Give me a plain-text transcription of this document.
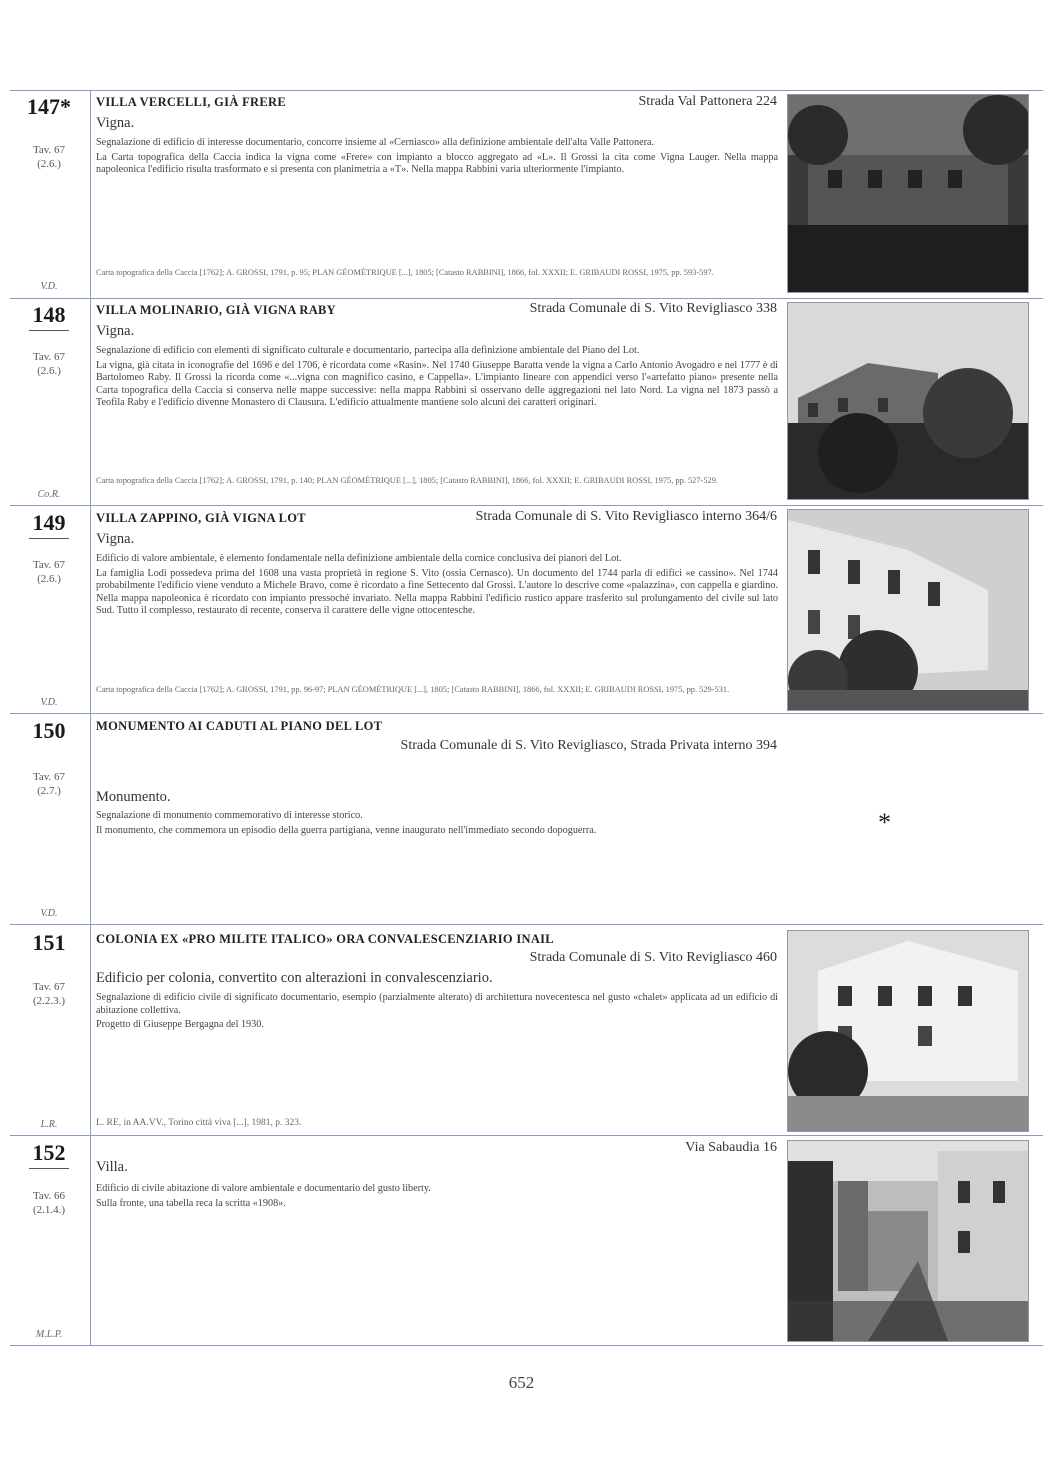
147*
Tav. 67
(2.6.)
V.D.
VILLA VERCELLI, GIÀ FRERE	Strada Val Pattonera 224
Vigna.

Segnalazione di edificio di interesse documentario, concorre insieme al «Cerniasco» alla definizione ambientale dell'alta Valle Pattonera.

La Carta topografica della Caccia indica la vigna come «Frere» con impianto a blocco aggregato ad «L». Il Grossi la cita come Vigna Lauger. Nella mappa napoleonica l'edificio risulta trasformato e si presenta con planimetria a «T». Nella mappa Rabbini varia ulteriormente l'impianto.

Carta topografica della Caccia [1762]; A. GROSSI, 1791, p. 95; PLAN GÉOMÉTRIQUE [...], 1805; [Catasto RABBINI], 1866, fol. XXXII; E. GRIBAUDI ROSSI, 1975, pp. 593-597.
148
Tav. 67
(2.6.)
Co.R.
VILLA MOLINARIO, GIÀ VIGNA RABY	Strada Comunale di S. Vito Revigliasco 338
Vigna.

Segnalazione di edificio con elementi di significato culturale e documentario, partecipa alla definizione ambientale del Piano del Lot.

La vigna, già citata in iconografie del 1696 e del 1706, è ricordata come «Rasin». Nel 1740 Giuseppe Baratta vende la vigna a Carlo Antonio Avogadro e nel 1777 è di Bartolomeo Raby. Il Grossi la ricorda come «...vigna con magnifico casino, e Cappella». L'impianto lineare con appendici verso l'«artefatto piano» presente nella Carta topografica della Caccia si conserva nelle mappe successive: nella mappa Rabbini si osservano delle aggregazioni nel lato Nord. La vigna nel 1873 passò a Teofila Raby e l'edificio divenne Monastero di Clausura. L'edificio attualmente mantiene solo alcuni dei caratteri originari.

Carta topografica della Caccia [1762]; A. GROSSI, 1791, p. 140; PLAN GÉOMÉTRIQUE [...], 1805; [Catasto RABBINI], 1866, fol. XXXII; E. GRIBAUDI ROSSI, 1975, pp. 527-529.
149
Tav. 67
(2.6.)
V.D.
VILLA ZAPPINO, GIÀ VIGNA LOT	Strada Comunale di S. Vito Revigliasco interno 364/6
Vigna.

Edificio di valore ambientale, è elemento fondamentale nella definizione ambientale della cornice conclusiva dei pianori del Lot.

La famiglia Lodi possedeva prima del 1608 una vasta proprietà in regione S. Vito (ossia Cernasco). Un documento del 1744 parla di edifici «e cassino». Nel 1744 probabilmente l'edificio viene venduto a Michele Bravo, come è ricordato a fine Settecento dal Grossi. L'autore lo descrive come «palazzina», con cappella e giardino. Nella mappa napoleonica è ricordato con impianto pressoché invariato. Nella mappa Rabbini l'edificio rustico appare trasferito sul prolungamento del civile sul lato Sud. Tutto il complesso, restaurato di recente, conserva il carattere delle vigne ottocentesche.

Carta topografica della Caccia [1762]; A. GROSSI, 1791, pp. 96-97; PLAN GÉOMÉTRIQUE [...], 1805; [Catasto RABBINI], 1866, fol. XXXII; E. GRIBAUDI ROSSI, 1975, pp. 529-531.
150
Tav. 67
(2.7.)
V.D.
MONUMENTO AI CADUTI AL PIANO DEL LOT
Strada Comunale di S. Vito Revigliasco, Strada Privata interno 394
Monumento.

Segnalazione di monumento commemorativo di interesse storico.

Il monumento, che commemora un episodio della guerra partigiana, venne inaugurato nell'immediato secondo dopoguerra.	*
151
Tav. 67
(2.2.3.)
L.R.
COLONIA EX «PRO MILITE ITALICO» ORA CONVALESCENZIARIO INAIL
Strada Comunale di S. Vito Revigliasco 460
Edificio per colonia, convertito con alterazioni in convalescenziario.

Segnalazione di edificio civile di significato documentario, esempio (parzialmente alterato) di architettura novecentesca nel gusto «chalet» applicata ad un edificio di abitazione collettiva.

Progetto di Giuseppe Bergagna del 1930.

L. RE, in AA.VV., Torino città viva [...], 1981, p. 323.
152
Tav. 66
(2.1.4.)
M.L.P.
Via Sabaudia 16
Villa.

Edificio di civile abitazione di valore ambientale e documentario del gusto liberty.

Sulla fronte, una tabella reca la scritta «1908».

652
